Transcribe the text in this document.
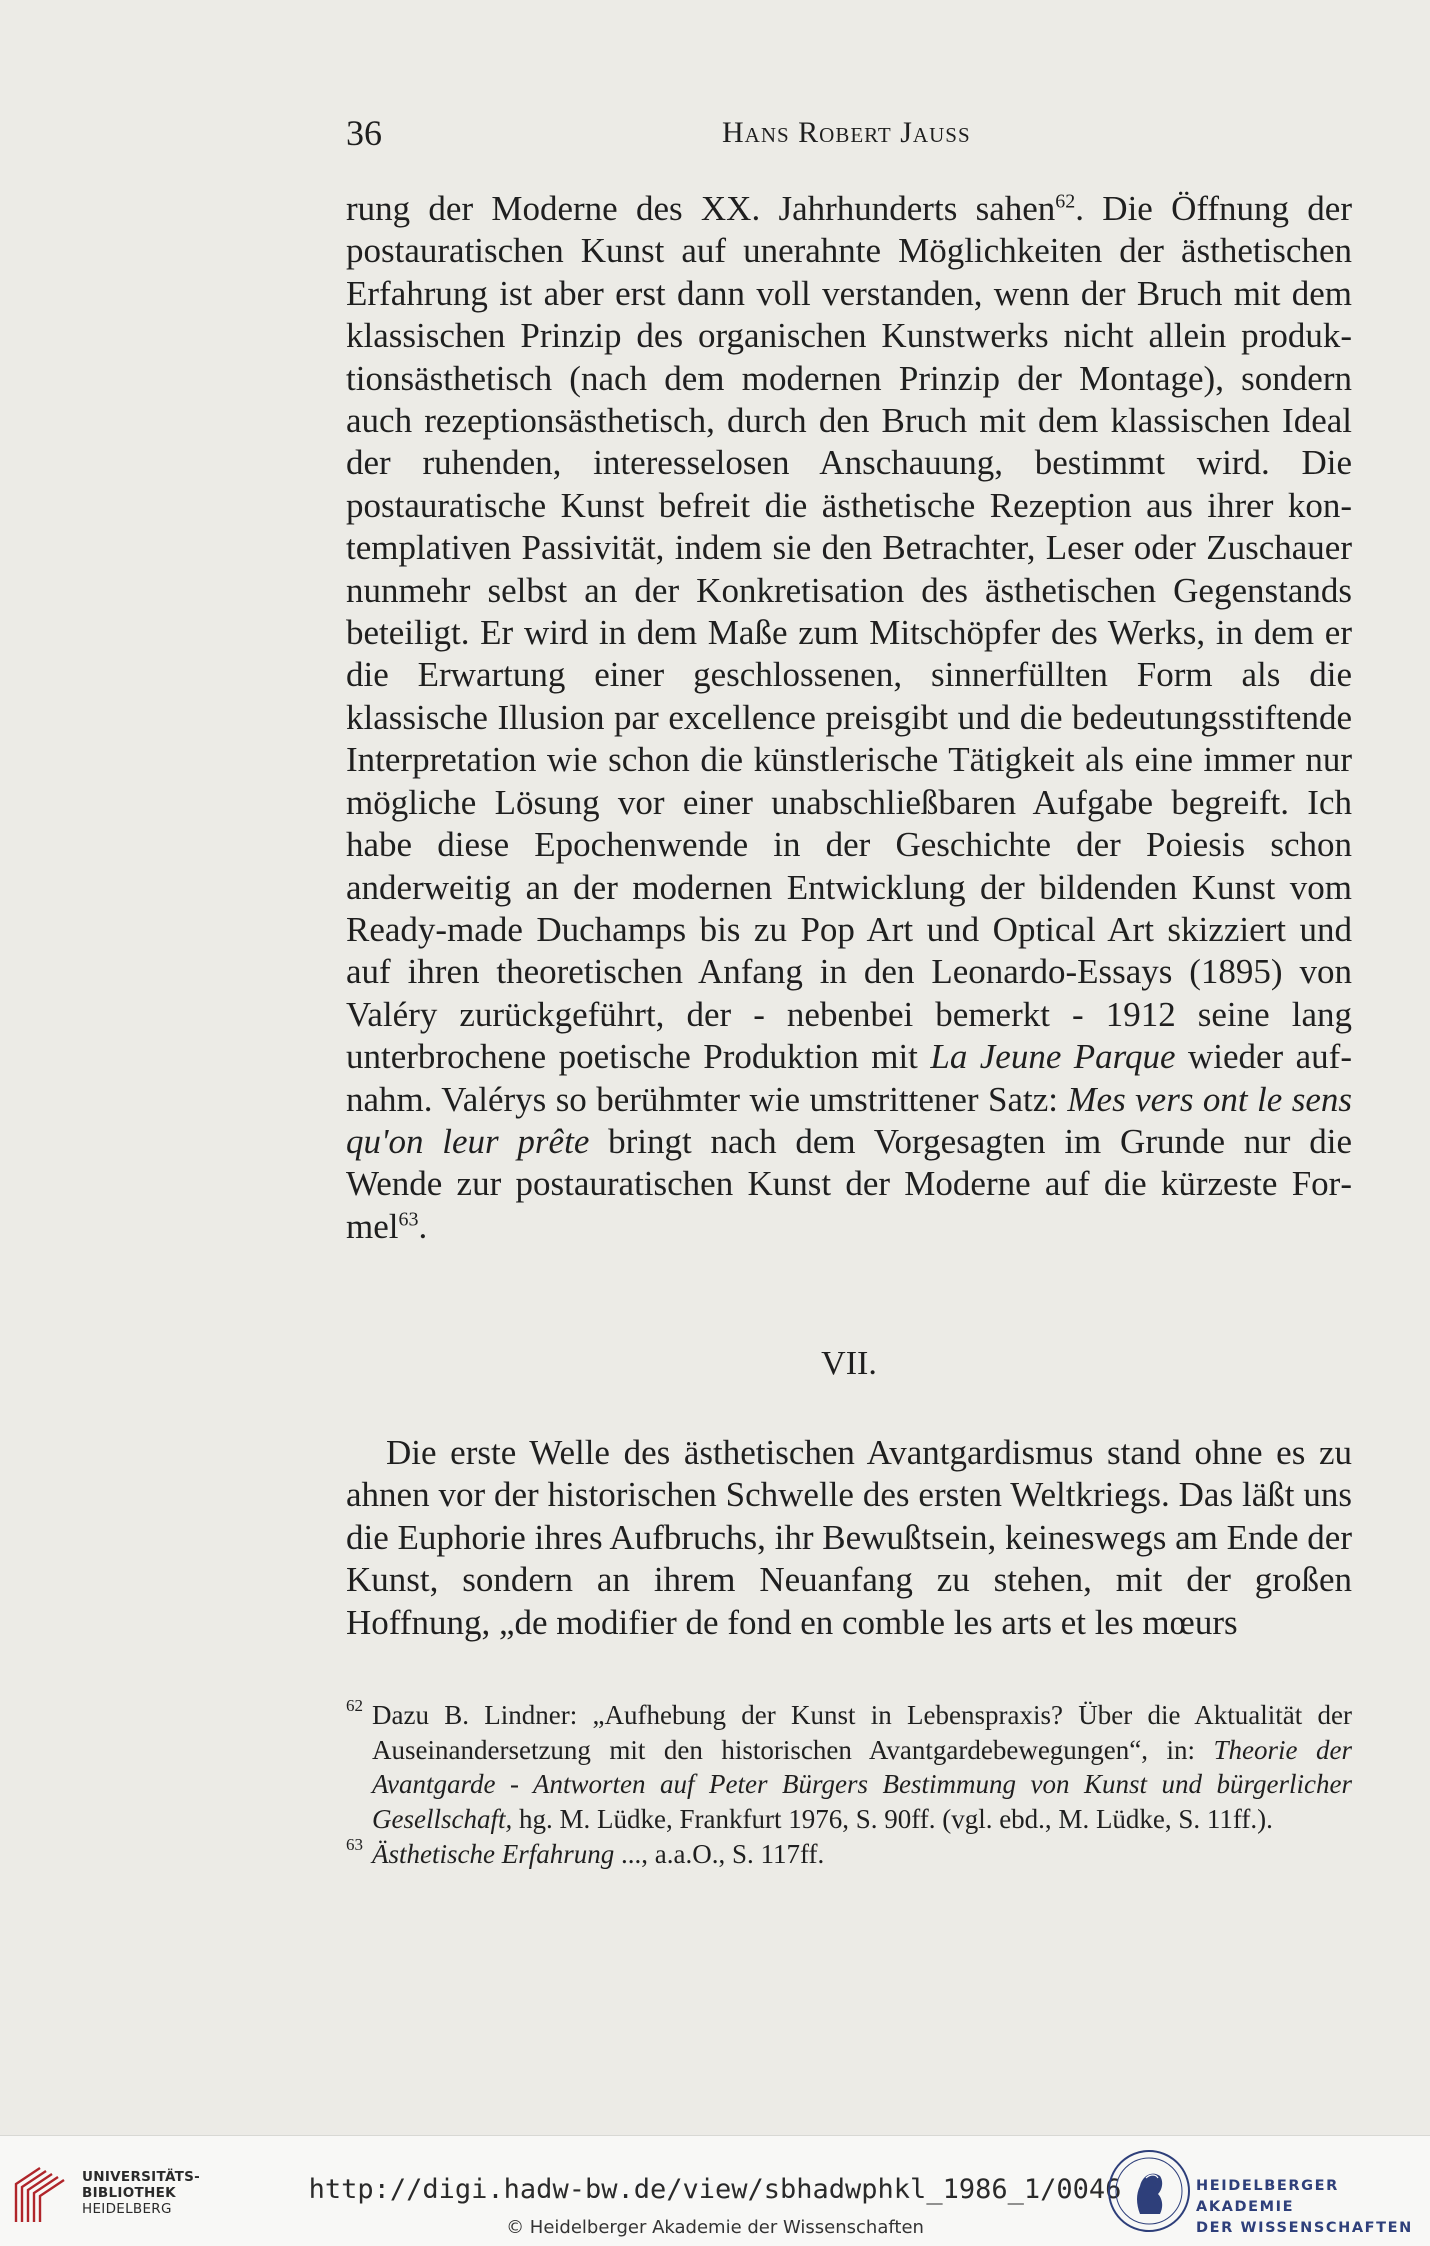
36	Hans Robert Jauss

rung der Moderne des XX. Jahrhunderts sahen$^{62}$. Die Öffnung der postauratischen Kunst auf unerahnte Möglichkeiten der ästhetischen Erfahrung ist aber erst dann voll verstanden, wenn der Bruch mit dem klassischen Prinzip des organischen Kunstwerks nicht allein produktionsästhetisch (nach dem modernen Prinzip der Montage), sondern auch rezeptionsästhetisch, durch den Bruch mit dem klassischen Ideal der ruhenden, interesselosen Anschauung, bestimmt wird. Die postauratische Kunst befreit die ästhetische Rezeption aus ihrer kontemplativen Passivität, indem sie den Betrachter, Leser oder Zuschauer nunmehr selbst an der Konkretisation des ästhetischen Gegenstands beteiligt. Er wird in dem Maße zum Mitschöpfer des Werks, in dem er die Erwartung einer geschlossenen, sinnerfüllten Form als die klassische Illusion par excellence preisgibt und die bedeutungsstiftende Interpretation wie schon die künstlerische Tätigkeit als eine immer nur mögliche Lösung vor einer unabschließbaren Aufgabe begreift. Ich habe diese Epochenwende in der Geschichte der Poiesis schon anderweitig an der modernen Entwicklung der bildenden Kunst vom Ready-made Duchamps bis zu Pop Art und Optical Art skizziert und auf ihren theoretischen Anfang in den Leonardo-Essays (1895) von Valéry zurückgeführt, der - nebenbei bemerkt - 1912 seine lang unterbrochene poetische Produktion mit La Jeune Parque wieder aufnahm. Valérys so berühmter wie umstrittener Satz: Mes vers ont le sens qu'on leur prête bringt nach dem Vorgesagten im Grunde nur die Wende zur postauratischen Kunst der Moderne auf die kürzeste Formel$^{63}$.

VII.

Die erste Welle des ästhetischen Avantgardismus stand ohne es zu ahnen vor der historischen Schwelle des ersten Weltkriegs. Das läßt uns die Euphorie ihres Aufbruchs, ihr Bewußtsein, keineswegs am Ende der Kunst, sondern an ihrem Neuanfang zu stehen, mit der großen Hoffnung, „de modifier de fond en comble les arts et les mœurs

62 Dazu B. Lindner: „Aufhebung der Kunst in Lebenspraxis? Über die Aktualität der Auseinandersetzung mit den historischen Avantgardebewegungen“, in: Theorie der Avantgarde - Antworten auf Peter Bürgers Bestimmung von Kunst und bürgerlicher Gesellschaft, hg. M. Lüdke, Frankfurt 1976, S. 90ff. (vgl. ebd., M. Lüdke, S. 11ff.).

63 Ästhetische Erfahrung ..., a.a.O., S. 117ff.

UNIVERSITÄTS-
BIBLIOTHEK
HEIDELBERG
http://digi.hadw-bw.de/view/sbhadwphkl_1986_1/0046
© Heidelberger Akademie der Wissenschaften
HEIDELBERGER AKADEMIE
DER WISSENSCHAFTEN
